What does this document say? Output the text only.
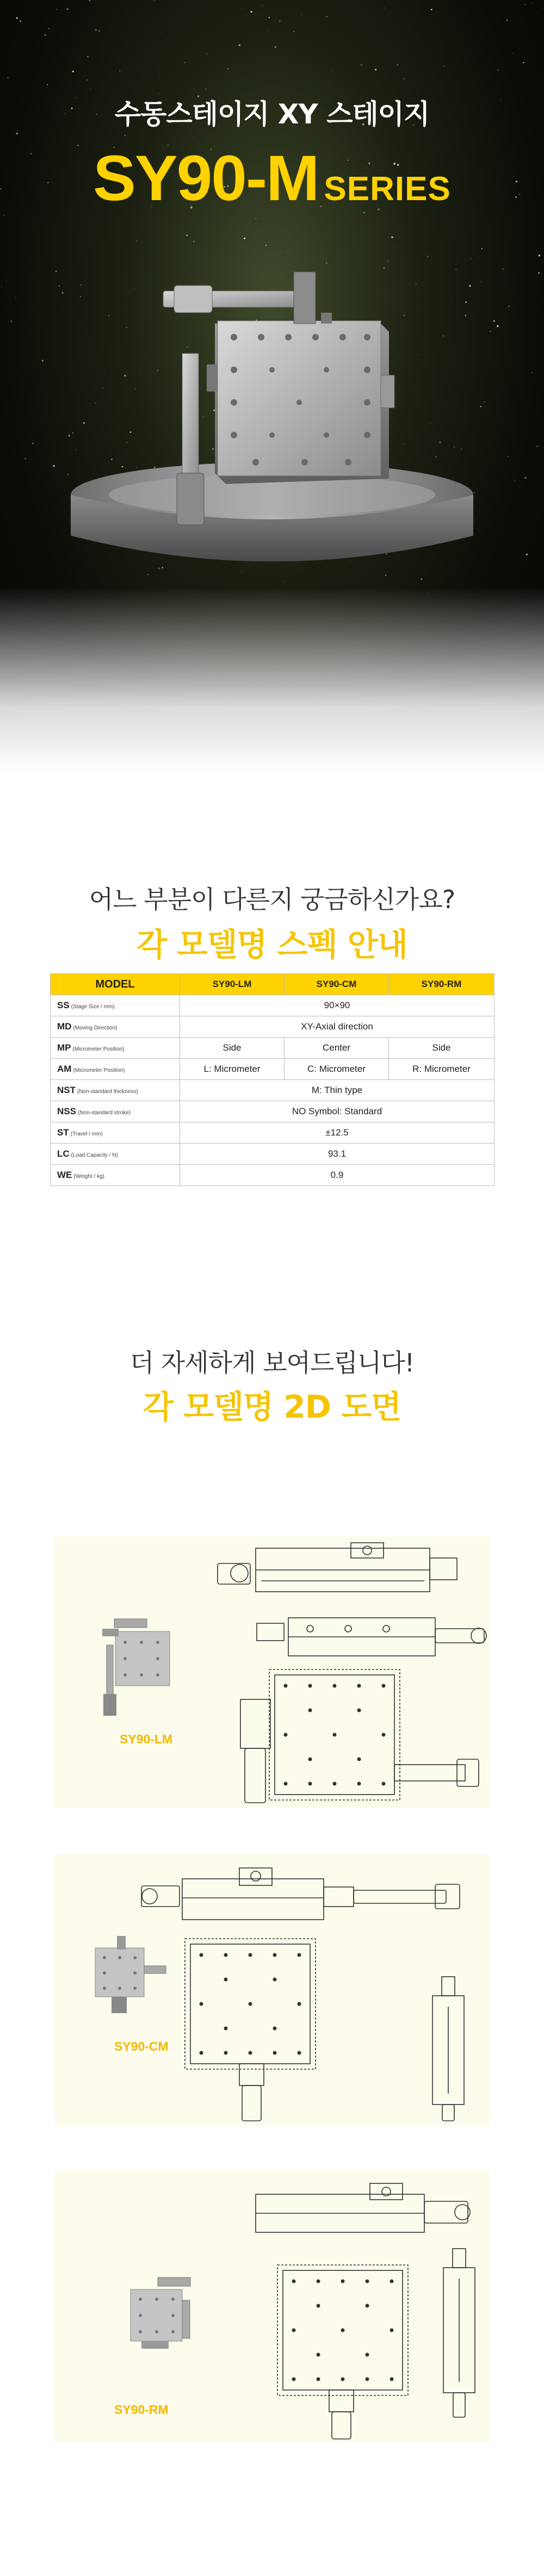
수동스테이지 XY 스테이지
SY90-M SERIES
어느 부분이 다른지 궁금하신가요?
각 모델명 스펙 안내
MODEL	SY90-LM	SY90-CM	SY90-RM
SS (Stage Size / mm)	90×90		
MD (Moving Direction)	XY-Axial direction		
MP (Micrometer Position)	Side	Center	Side
AM (Micrometer Position)	L: Micrometer	C: Micrometer	R: Micrometer
NST (Non-standard thickness)	M: Thin type		
NSS (Non-standard stroke)	NO Symbol: Standard		
ST (Travel / mm)	±12.5		
LC (Load Capacity / N)	93.1		
WE (Weight / kg)	0.9		
더 자세하게 보여드립니다!
각 모델명 2D 도면
SY90-LM
SY90-CM
SY90-RM
